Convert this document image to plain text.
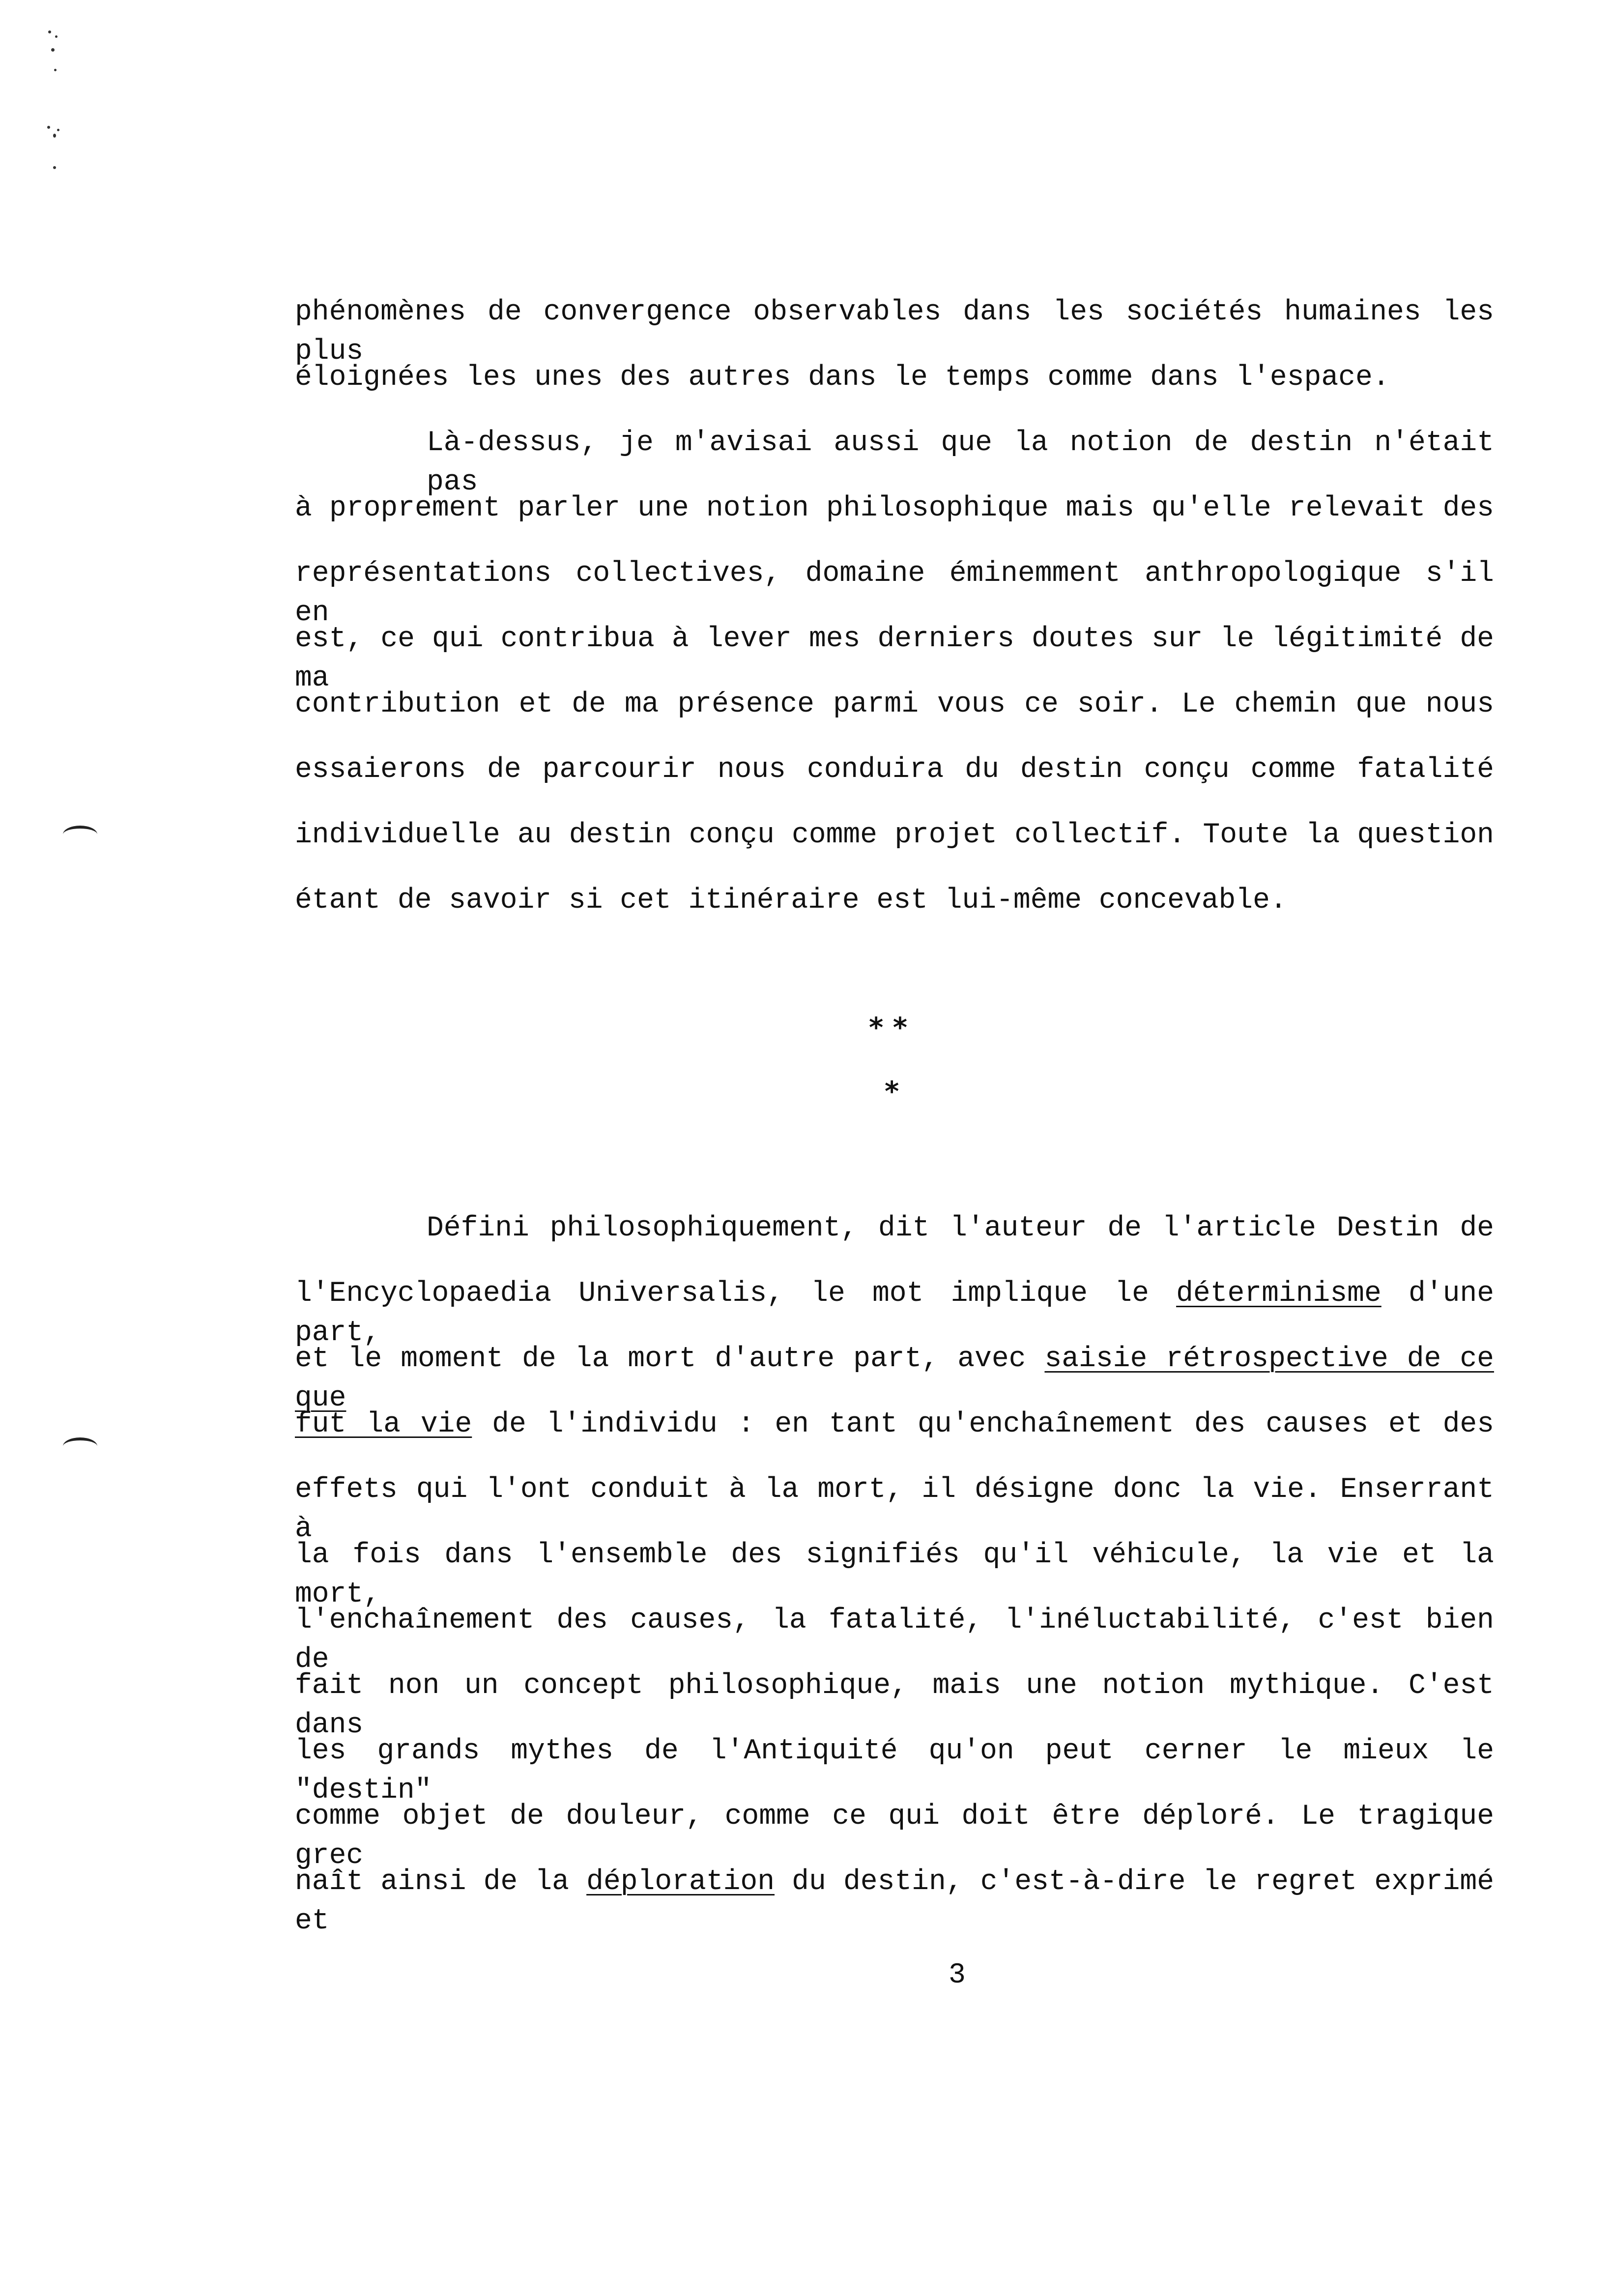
phénomènes de convergence observables dans les sociétés humaines les plus
éloignées les unes des autres dans le temps comme dans l'espace.
Là-dessus, je m'avisai aussi que la notion de destin n'était pas
à proprement parler une notion philosophique mais qu'elle relevait des
représentations collectives, domaine éminemment anthropologique s'il en
est, ce qui contribua à lever mes derniers doutes sur le légitimité de ma
contribution et de ma présence parmi vous ce soir. Le chemin que nous
essaierons de parcourir nous conduira du destin conçu comme fatalité
individuelle au destin conçu comme projet collectif. Toute la question
étant de savoir si cet itinéraire est lui-même concevable.
* *
*
Défini philosophiquement, dit l'auteur de l'article Destin de
l'Encyclopaedia Universalis, le mot implique le déterminisme d'une part,
et le moment de la mort d'autre part, avec saisie rétrospective de ce que
fut la vie de l'individu : en tant qu'enchaînement des causes et des
effets qui l'ont conduit à la mort, il désigne donc la vie. Enserrant à
la fois dans l'ensemble des signifiés qu'il véhicule, la vie et la mort,
l'enchaînement des causes, la fatalité, l'inéluctabilité, c'est bien de
fait non un concept philosophique, mais une notion mythique. C'est dans
les grands mythes de l'Antiquité qu'on peut cerner le mieux le "destin"
comme objet de douleur, comme ce qui doit être déploré. Le tragique grec
naît ainsi de la déploration du destin, c'est-à-dire le regret exprimé et
3
